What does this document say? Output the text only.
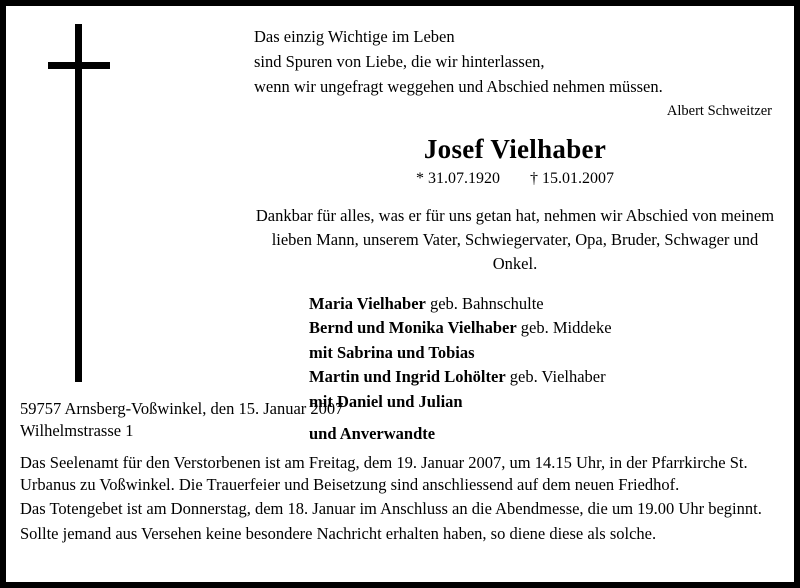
Das einzig Wichtige im Leben
sind Spuren von Liebe, die wir hinterlassen,
wenn wir ungefragt weggehen und Abschied nehmen müssen.
Albert Schweitzer
Josef Vielhaber
* 31.07.1920 † 15.01.2007
Dankbar für alles, was er für uns getan hat, nehmen wir Abschied von meinem
lieben Mann, unserem Vater, Schwiegervater, Opa, Bruder, Schwager und Onkel.
Maria Vielhaber geb. Bahnschulte
Bernd und Monika Vielhaber geb. Middeke
mit Sabrina und Tobias
Martin und Ingrid Lohölter geb. Vielhaber
mit Daniel und Julian
und Anverwandte
59757 Arnsberg-Voßwinkel, den 15. Januar 2007
Wilhelmstrasse 1

Das Seelenamt für den Verstorbenen ist am Freitag, dem 19. Januar 2007, um 14.15 Uhr, in der Pfarrkirche St. Urbanus zu Voßwinkel. Die Trauerfeier und Beisetzung sind anschliessend auf dem neuen Friedhof.

Das Totengebet ist am Donnerstag, dem 18. Januar im Anschluss an die Abendmesse, die um 19.00 Uhr beginnt.

Sollte jemand aus Versehen keine besondere Nachricht erhalten haben, so diene diese als solche.
